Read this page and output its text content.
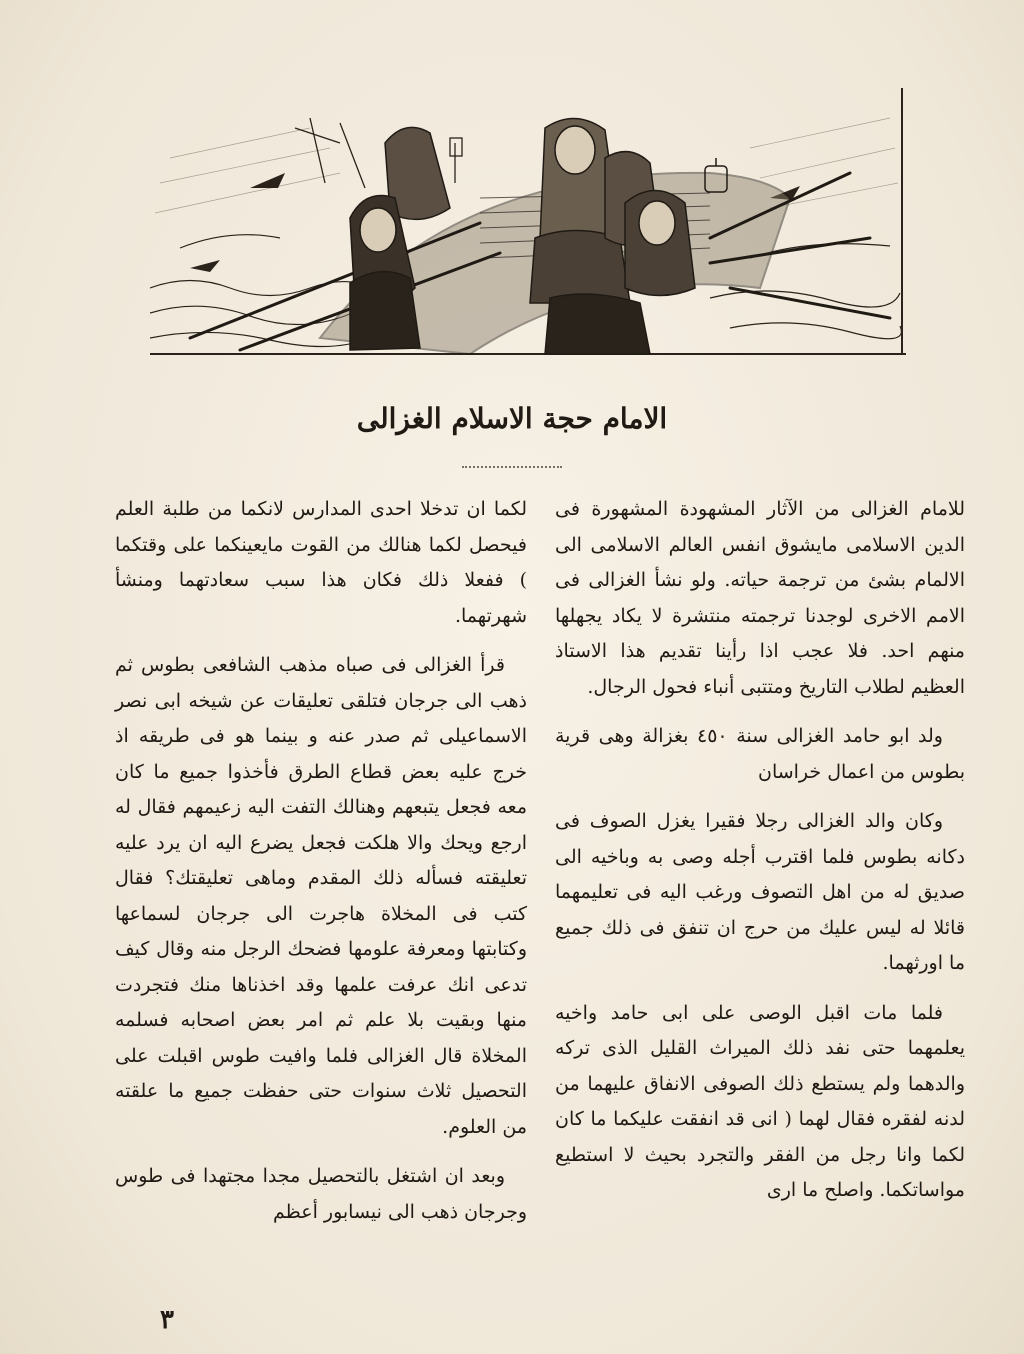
الامام حجة الاسلام الغزالى

للامام الغزالى من الآثار المشهودة المشهورة فى الدين الاسلامى مايشوق انفس العالم الاسلامى الى الالمام بشئ من ترجمة حياته. ولو نشأ الغزالى فى الامم الاخرى لوجدنا ترجمته منتشرة لا يكاد يجهلها منهم احد. فلا عجب اذا رأينا تقديم هذا الاستاذ العظيم لطلاب التاريخ ومتتبى أنباء فحول الرجال.

ولد ابو حامد الغزالى سنة ٤٥٠ بغزالة وهى قرية بطوس من اعمال خراسان

وكان والد الغزالى رجلا فقيرا يغزل الصوف فى دكانه بطوس فلما اقترب أجله وصى به وباخيه الى صديق له من اهل التصوف ورغب اليه فى تعليمهما قائلا له ليس عليك من حرج ان تنفق فى ذلك جميع ما اورثهما.

فلما مات اقبل الوصى على ابى حامد واخيه يعلمهما حتى نفد ذلك الميراث القليل الذى تركه والدهما ولم يستطع ذلك الصوفى الانفاق عليهما من لدنه لفقره فقال لهما ( انى قد انفقت عليكما ما كان لكما وانا رجل من الفقر والتجرد بحيث لا استطيع مواساتكما. واصلح ما ارى

لكما ان تدخلا احدى المدارس لانكما من طلبة العلم فيحصل لكما هنالك من القوت مايعينكما على وقتكما ) ففعلا ذلك فكان هذا سبب سعادتهما ومنشأ شهرتهما.

قرأ الغزالى فى صباه مذهب الشافعى بطوس ثم ذهب الى جرجان فتلقى تعليقات عن شيخه ابى نصر الاسماعيلى ثم صدر عنه و بينما هو فى طريقه اذ خرج عليه بعض قطاع الطرق فأخذوا جميع ما كان معه فجعل يتبعهم وهنالك التفت اليه زعيمهم فقال له ارجع ويحك والا هلكت فجعل يضرع اليه ان يرد عليه تعليقته فسأله ذلك المقدم وماهى تعليقتك؟ فقال كتب فى المخلاة هاجرت الى جرجان لسماعها وكتابتها ومعرفة علومها فضحك الرجل منه وقال كيف تدعى انك عرفت علمها وقد اخذناها منك فتجردت منها وبقيت بلا علم ثم امر بعض اصحابه فسلمه المخلاة قال الغزالى فلما وافيت طوس اقبلت على التحصيل ثلاث سنوات حتى حفظت جميع ما علقته من العلوم.

وبعد ان اشتغل بالتحصيل مجدا مجتهدا فى طوس وجرجان ذهب الى نيسابور أعظم

٣
